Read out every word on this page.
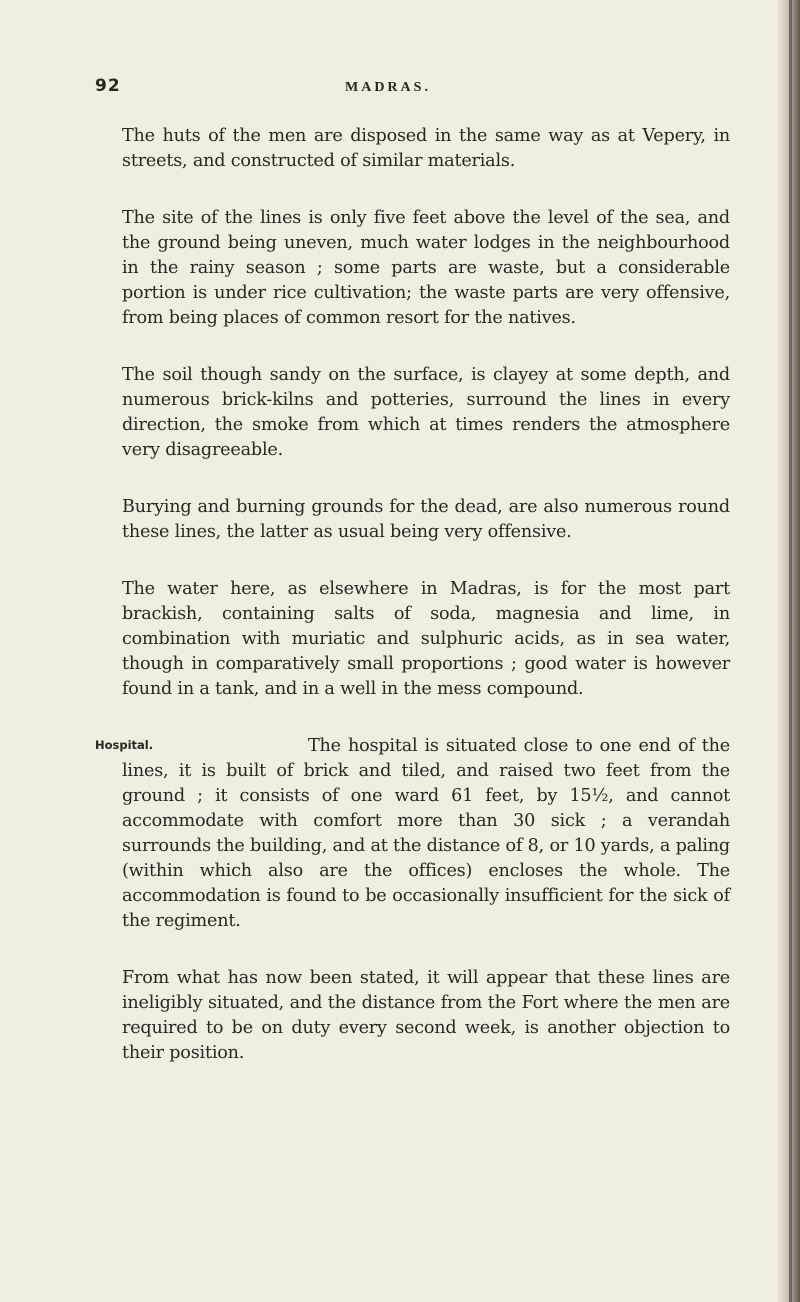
92	MADRAS.

The huts of the men are disposed in the same way as at Vepery, in streets, and constructed of similar materials.

The site of the lines is only five feet above the level of the sea, and the ground being uneven, much water lodges in the neighbourhood in the rainy season ; some parts are waste, but a considerable portion is under rice cultivation; the waste parts are very offensive, from being places of common resort for the natives.

The soil though sandy on the surface, is clayey at some depth, and numerous brick-kilns and potteries, surround the lines in every direction, the smoke from which at times renders the atmosphere very disagreeable.

Burying and burning grounds for the dead, are also numerous round these lines, the latter as usual being very offensive.

The water here, as elsewhere in Madras, is for the most part brackish, containing salts of soda, magnesia and lime, in combination with muriatic and sulphuric acids, as in sea water, though in comparatively small proportions ; good water is however found in a tank, and in a well in the mess compound.

Hospital.	The hospital is situated close to one end of the lines, it is built of brick and tiled, and raised two feet from the ground ; it consists of one ward 61 feet, by 15½, and cannot accommodate with comfort more than 30 sick ; a verandah surrounds the building, and at the distance of 8, or 10 yards, a paling (within which also are the offices) encloses the whole. The accommodation is found to be occasionally insufficient for the sick of the regiment.

From what has now been stated, it will appear that these lines are ineligibly situated, and the distance from the Fort where the men are required to be on duty every second week, is another objection to their position.
